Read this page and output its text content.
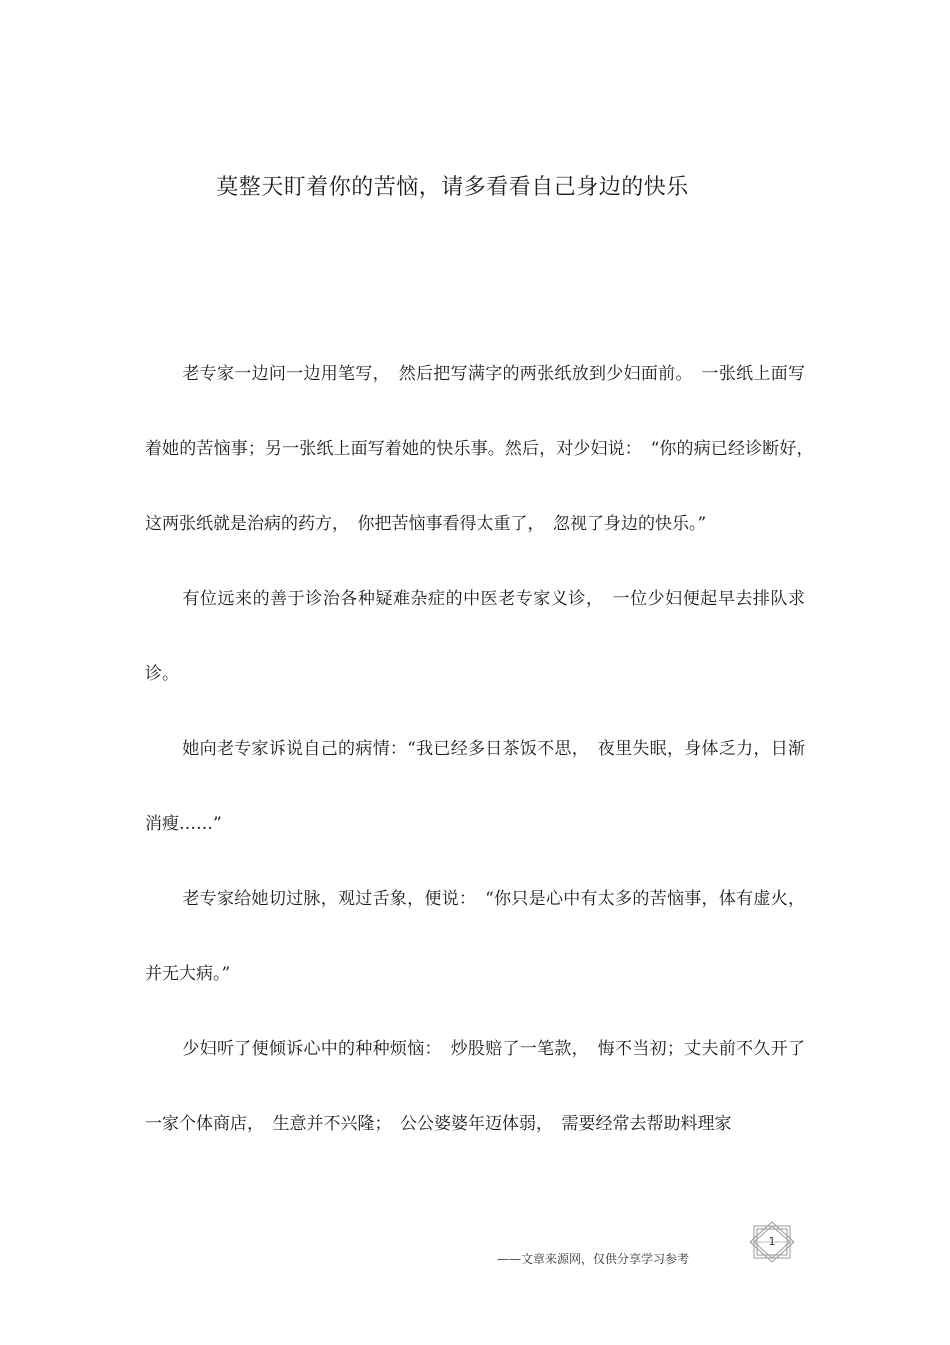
莫整天盯着你的苦恼，请多看看自己身边的快乐

老专家一边问一边用笔写，　然后把写满字的两张纸放到少妇面前。　一张纸上面写着她的苦恼事；另一张纸上面写着她的快乐事。然后，对少妇说：　“你的病已经诊断好，　这两张纸就是治病的药方，　你把苦恼事看得太重了，　忽视了身边的快乐。”

有位远来的善于诊治各种疑难杂症的中医老专家义诊，　一位少妇便起早去排队求诊。

她向老专家诉说自己的病情：“我已经多日茶饭不思，　夜里失眠，身体乏力，日渐消瘦……”

老专家给她切过脉，观过舌象，便说：　“你只是心中有太多的苦恼事，体有虚火，并无大病。”

少妇听了便倾诉心中的种种烦恼：　炒股赔了一笔款，　悔不当初；丈夫前不久开了一家个体商店，　生意并不兴隆；　公公婆婆年迈体弱，　需要经常去帮助料理家

——文章来源网，仅供分享学习参考
1
